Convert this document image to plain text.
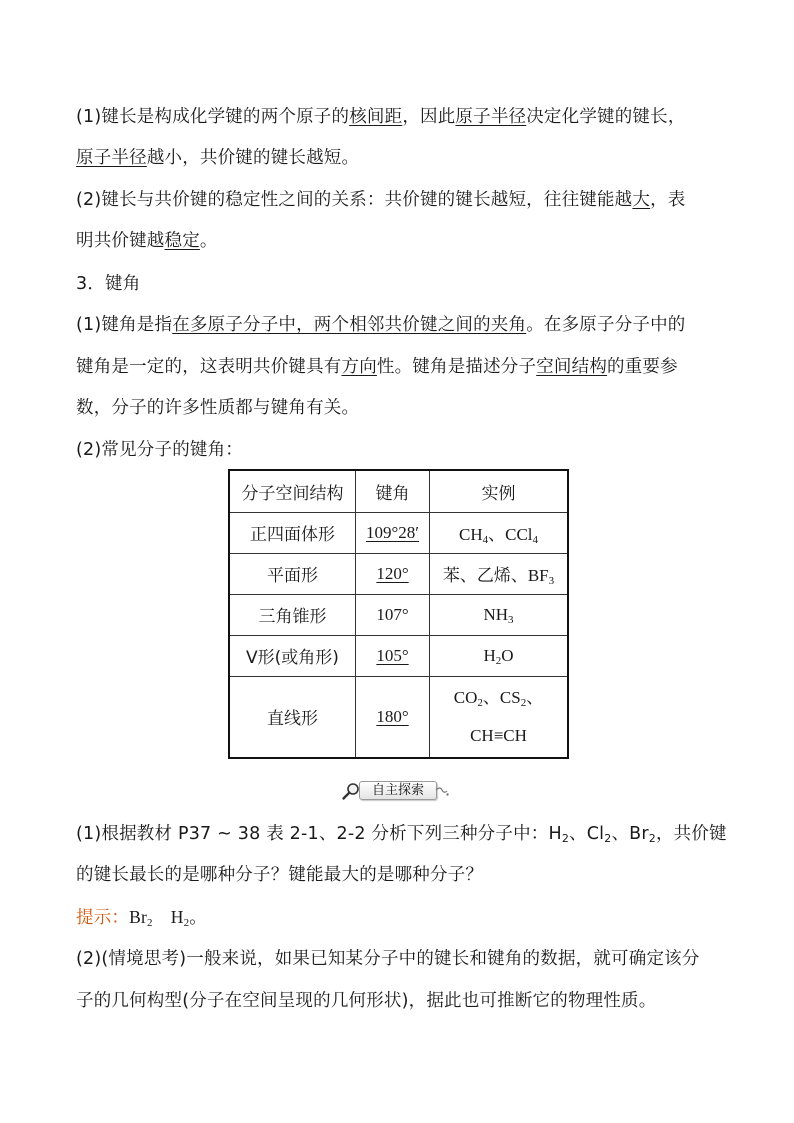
(1)键长是构成化学键的两个原子的核间距，因此原子半径决定化学键的键长，
原子半径越小，共价键的键长越短。
(2)键长与共价键的稳定性之间的关系：共价键的键长越短，往往键能越大，表
明共价键越稳定。
3．键角
(1)键角是指在多原子分子中，两个相邻共价键之间的夹角。在多原子分子中的
键角是一定的，这表明共价键具有方向性。键角是描述分子空间结构的重要参
数，分子的许多性质都与键角有关。
(2)常见分子的键角：
分子空间结构	键角	实例
正四面体形	109°28′	$CH_4$、CCl$_4$
平面形	120°	苯、乙烯、$BF_3$
三角锥形	107°	$NH_3$
V形(或角形)	105°	$H_2O$
直线形	180°	$CO_2$、$CS_2$、
CH≡CH
自主探索
(1)根据教材 P37 ~ 38 表 2-1、2-2 分析下列三种分子中：$H_2$、$Cl_2$、$Br_2$，共价键
的键长最长的是哪种分子？键能最大的是哪种分子？
提示：$Br_2$ $H_2$。
(2)(情境思考)一般来说，如果已知某分子中的键长和键角的数据，就可确定该分
子的几何构型(分子在空间呈现的几何形状)，据此也可推断它的物理性质。
